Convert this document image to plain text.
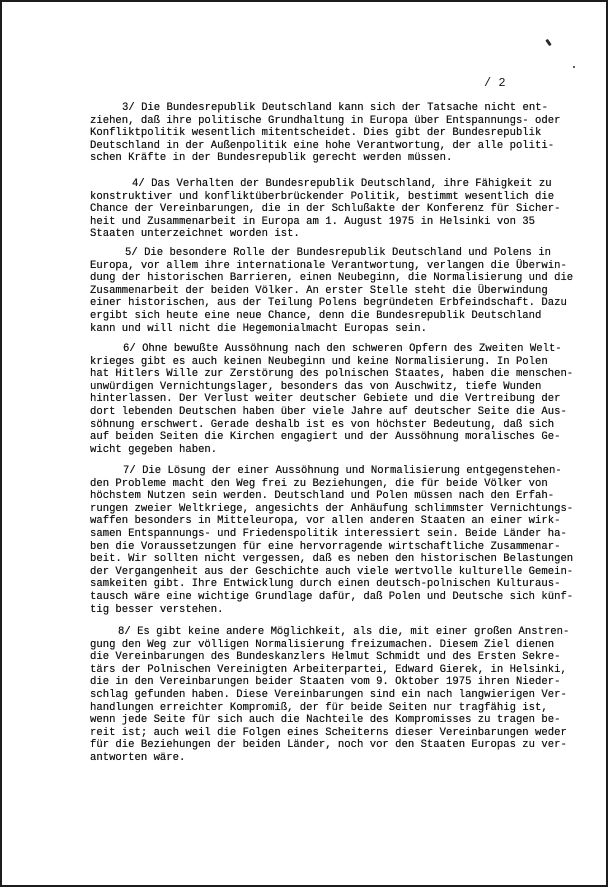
/ 2
3/ Die Bundesrepublik Deutschland kann sich der Tatsache nicht ent-
ziehen, daß ihre politische Grundhaltung in Europa über Entspannungs- oder
Konfliktpolitik wesentlich mitentscheidet. Dies gibt der Bundesrepublik
Deutschland in der Außenpolitik eine hohe Verantwortung, der alle politi-
schen Kräfte in der Bundesrepublik gerecht werden müssen.
4/ Das Verhalten der Bundesrepublik Deutschland, ihre Fähigkeit zu
konstruktiver und konfliktüberbrückender Politik, bestimmt wesentlich die
Chance der Vereinbarungen, die in der Schlußakte der Konferenz für Sicher-
heit und Zusammenarbeit in Europa am 1. August 1975 in Helsinki von 35
Staaten unterzeichnet worden ist.
5/ Die besondere Rolle der Bundesrepublik Deutschland und Polens in
Europa, vor allem ihre internationale Verantwortung, verlangen die Überwin-
dung der historischen Barrieren, einen Neubeginn, die Normalisierung und die
Zusammenarbeit der beiden Völker. An erster Stelle steht die Überwindung
einer historischen, aus der Teilung Polens begründeten Erbfeindschaft. Dazu
ergibt sich heute eine neue Chance, denn die Bundesrepublik Deutschland
kann und will nicht die Hegemonialmacht Europas sein.
6/ Ohne bewußte Aussöhnung nach den schweren Opfern des Zweiten Welt-
krieges gibt es auch keinen Neubeginn und keine Normalisierung. In Polen
hat Hitlers Wille zur Zerstörung des polnischen Staates, haben die menschen-
unwürdigen Vernichtungslager, besonders das von Auschwitz, tiefe Wunden
hinterlassen. Der Verlust weiter deutscher Gebiete und die Vertreibung der
dort lebenden Deutschen haben über viele Jahre auf deutscher Seite die Aus-
söhnung erschwert. Gerade deshalb ist es von höchster Bedeutung, daß sich
auf beiden Seiten die Kirchen engagiert und der Aussöhnung moralisches Ge-
wicht gegeben haben.
7/ Die Lösung der einer Aussöhnung und Normalisierung entgegenstehen-
den Probleme macht den Weg frei zu Beziehungen, die für beide Völker von
höchstem Nutzen sein werden. Deutschland und Polen müssen nach den Erfah-
rungen zweier Weltkriege, angesichts der Anhäufung schlimmster Vernichtungs-
waffen besonders in Mitteleuropa, vor allen anderen Staaten an einer wirk-
samen Entspannungs- und Friedenspolitik interessiert sein. Beide Länder ha-
ben die Voraussetzungen für eine hervorragende wirtschaftliche Zusammenar-
beit. Wir sollten nicht vergessen, daß es neben den historischen Belastungen
der Vergangenheit aus der Geschichte auch viele wertvolle kulturelle Gemein-
samkeiten gibt. Ihre Entwicklung durch einen deutsch-polnischen Kulturaus-
tausch wäre eine wichtige Grundlage dafür, daß Polen und Deutsche sich künf-
tig besser verstehen.
8/ Es gibt keine andere Möglichkeit, als die, mit einer großen Anstren-
gung den Weg zur völligen Normalisierung freizumachen. Diesem Ziel dienen
die Vereinbarungen des Bundeskanzlers Helmut Schmidt und des Ersten Sekre-
tärs der Polnischen Vereinigten Arbeiterpartei, Edward Gierek, in Helsinki,
die in den Vereinbarungen beider Staaten vom 9. Oktober 1975 ihren Nieder-
schlag gefunden haben. Diese Vereinbarungen sind ein nach langwierigen Ver-
handlungen erreichter Kompromiß, der für beide Seiten nur tragfähig ist,
wenn jede Seite für sich auch die Nachteile des Kompromisses zu tragen be-
reit ist; auch weil die Folgen eines Scheiterns dieser Vereinbarungen weder
für die Beziehungen der beiden Länder, noch vor den Staaten Europas zu ver-
antworten wäre.
